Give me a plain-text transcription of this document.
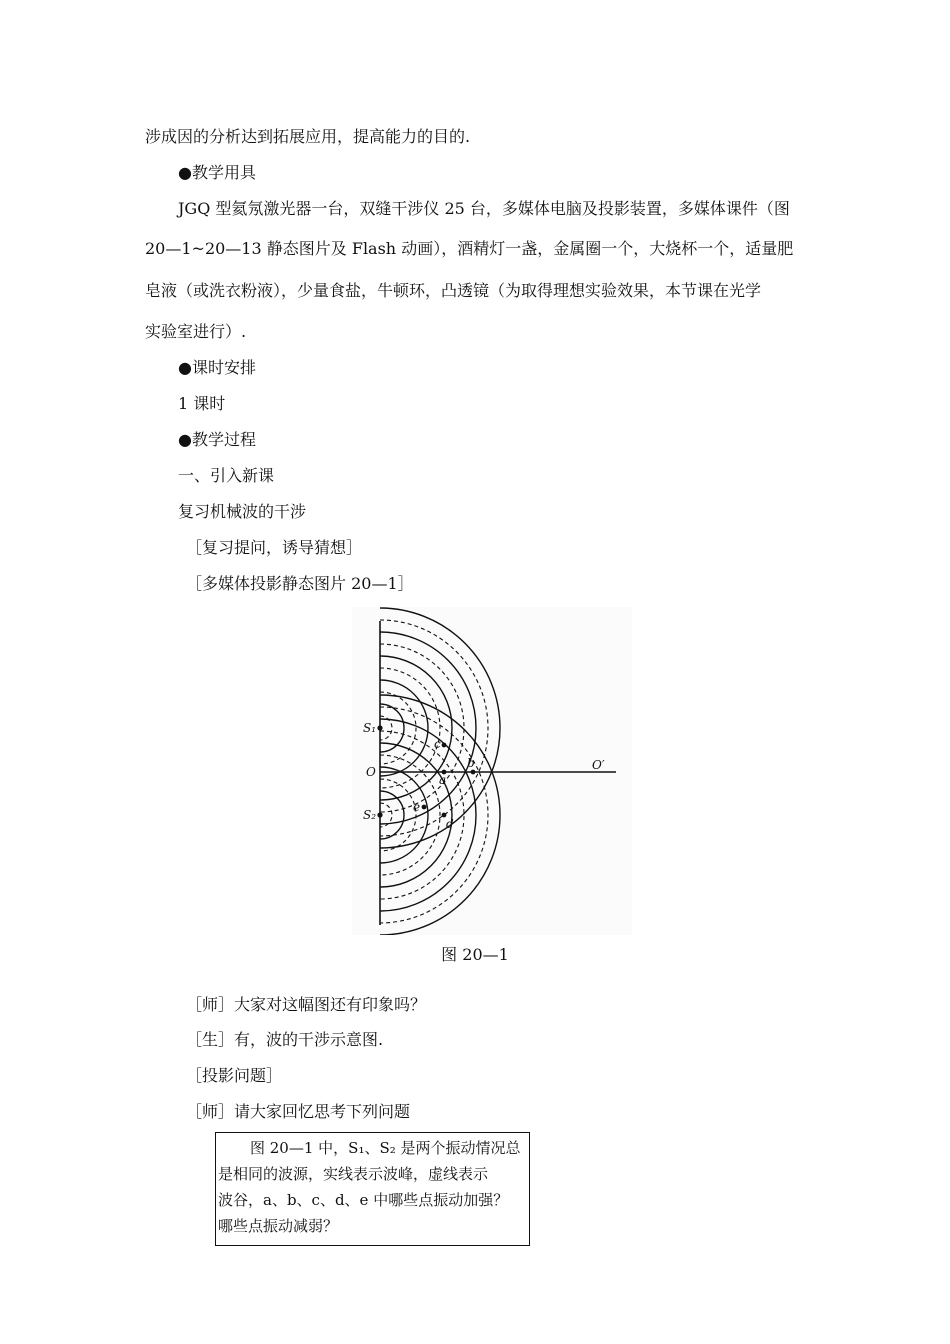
涉成因的分析达到拓展应用，提高能力的目的.
●教学用具
JGQ 型氦氖激光器一台，双缝干涉仪 25 台，多媒体电脑及投影装置，多媒体课件（图
20—1~20—13 静态图片及 Flash 动画），酒精灯一盏，金属圈一个，大烧杯一个，适量肥
皂液（或洗衣粉液），少量食盐，牛顿环，凸透镜（为取得理想实验效果，本节课在光学
实验室进行）.
●课时安排
1 课时
●教学过程
一、引入新课
复习机械波的干涉
［复习提问，诱导猜想］
［多媒体投影静态图片 20—1］
S₁
S₂
O	O′
c
a
b
d
e
图 20—1
［师］大家对这幅图还有印象吗？
［生］有，波的干涉示意图.
［投影问题］
［师］请大家回忆思考下列问题
图 20—1 中，S₁、S₂ 是两个振动情况总
是相同的波源，实线表示波峰，虚线表示
波谷，a、b、c、d、e 中哪些点振动加强？
哪些点振动减弱？
